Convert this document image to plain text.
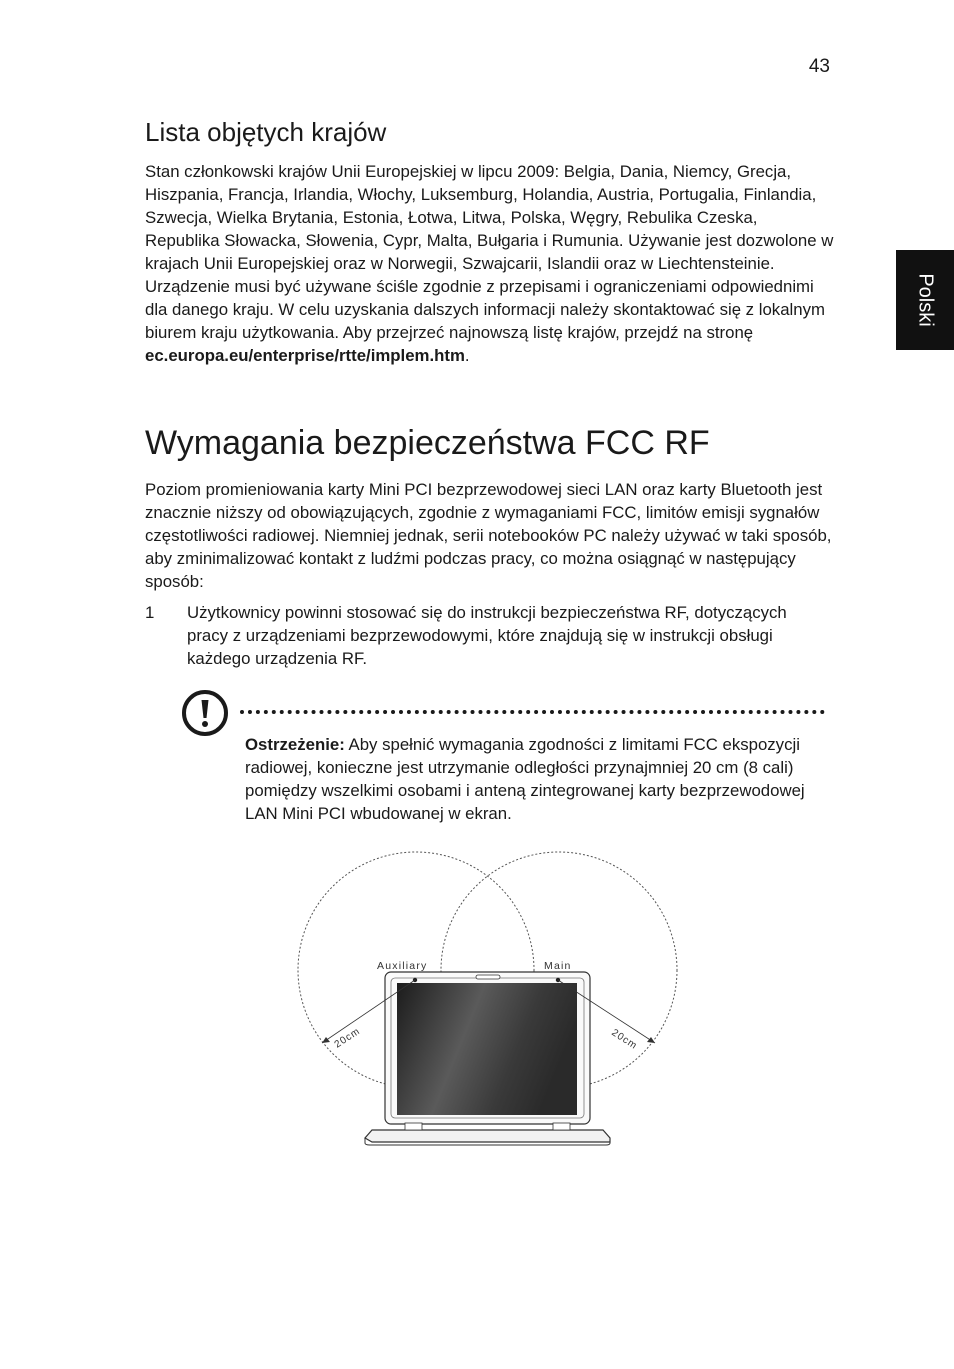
43
Polski
Lista objętych krajów

Stan członkowski krajów Unii Europejskiej w lipcu 2009: Belgia, Dania, Niemcy, Grecja, Hiszpania, Francja, Irlandia, Włochy, Luksemburg, Holandia, Austria, Portugalia, Finlandia, Szwecja, Wielka Brytania, Estonia, Łotwa, Litwa, Polska, Węgry, Rebulika Czeska, Republika Słowacka, Słowenia, Cypr, Malta, Bułgaria i Rumunia. Używanie jest dozwolone w krajach Unii Europejskiej oraz w Norwegii, Szwajcarii, Islandii oraz w Liechtensteinie. Urządzenie musi być używane ściśle zgodnie z przepisami i ograniczeniami odpowiednimi dla danego kraju. W celu uzyskania dalszych informacji należy skontaktować się z lokalnym biurem kraju użytkowania. Aby przejrzeć najnowszą listę krajów, przejdź na stronę ec.europa.eu/enterprise/rtte/implem.htm.

Wymagania bezpieczeństwa FCC RF

Poziom promieniowania karty Mini PCI bezprzewodowej sieci LAN oraz karty Bluetooth jest znacznie niższy od obowiązujących, zgodnie z wymaganiami FCC, limitów emisji sygnałów częstotliwości radiowej. Niemniej jednak, serii notebooków PC należy używać w taki sposób, aby zminimalizować kontakt z ludźmi podczas pracy, co można osiągnąć w następujący sposób:

1 Użytkownicy powinni stosować się do instrukcji bezpieczeństwa RF, dotyczących pracy z urządzeniami bezprzewodowymi, które znajdują się w instrukcji obsługi każdego urządzenia RF.
Ostrzeżenie: Aby spełnić wymagania zgodności z limitami FCC ekspozycji radiowej, konieczne jest utrzymanie odległości przynajmniej 20 cm (8 cali) pomiędzy wszelkimi osobami i anteną zintegrowanej karty bezprzewodowej LAN Mini PCI wbudowanej w ekran.
Auxiliary	Main
20cm	20cm
